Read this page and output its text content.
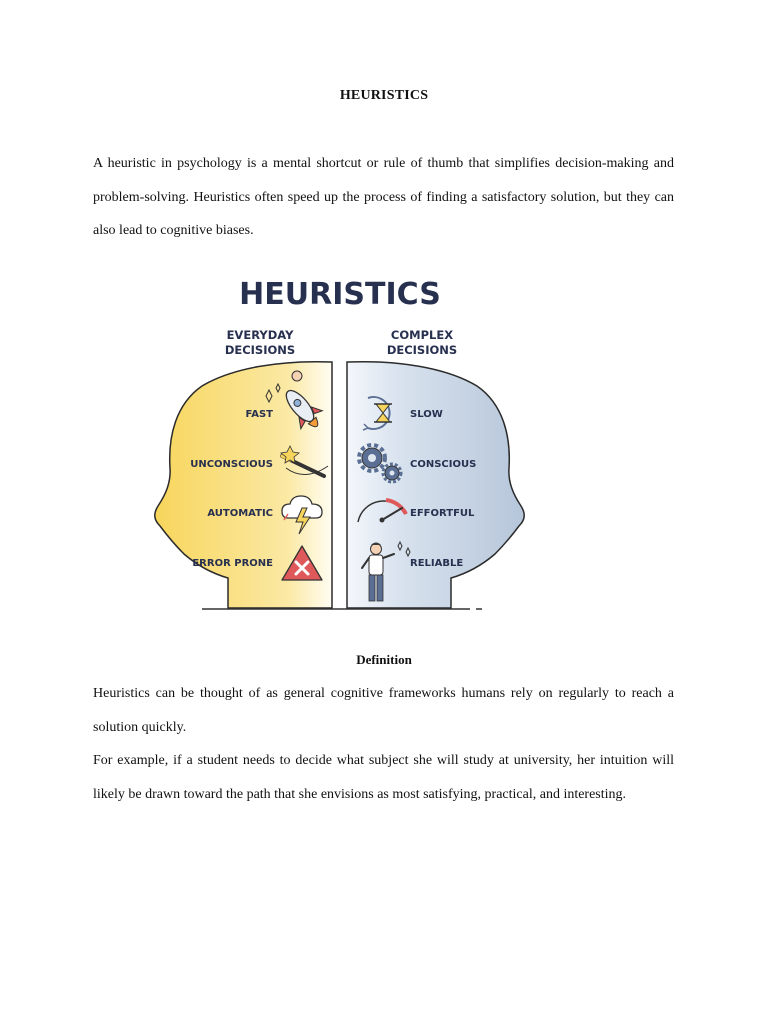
HEURISTICS

A heuristic in psychology is a mental shortcut or rule of thumb that simplifies decision-making and problem-solving. Heuristics often speed up the process of finding a satisfactory solution, but they can also lead to cognitive biases.

HEURISTICS
EVERYDAY
DECISIONS
COMPLEX
DECISIONS
FAST
UNCONSCIOUS
AUTOMATIC
ERROR PRONE
SLOW
CONSCIOUS
EFFORTFUL
RELIABLE
Definition

Heuristics can be thought of as general cognitive frameworks humans rely on regularly to reach a solution quickly.

For example, if a student needs to decide what subject she will study at university, her intuition will likely be drawn toward the path that she envisions as most satisfying, practical, and interesting.
